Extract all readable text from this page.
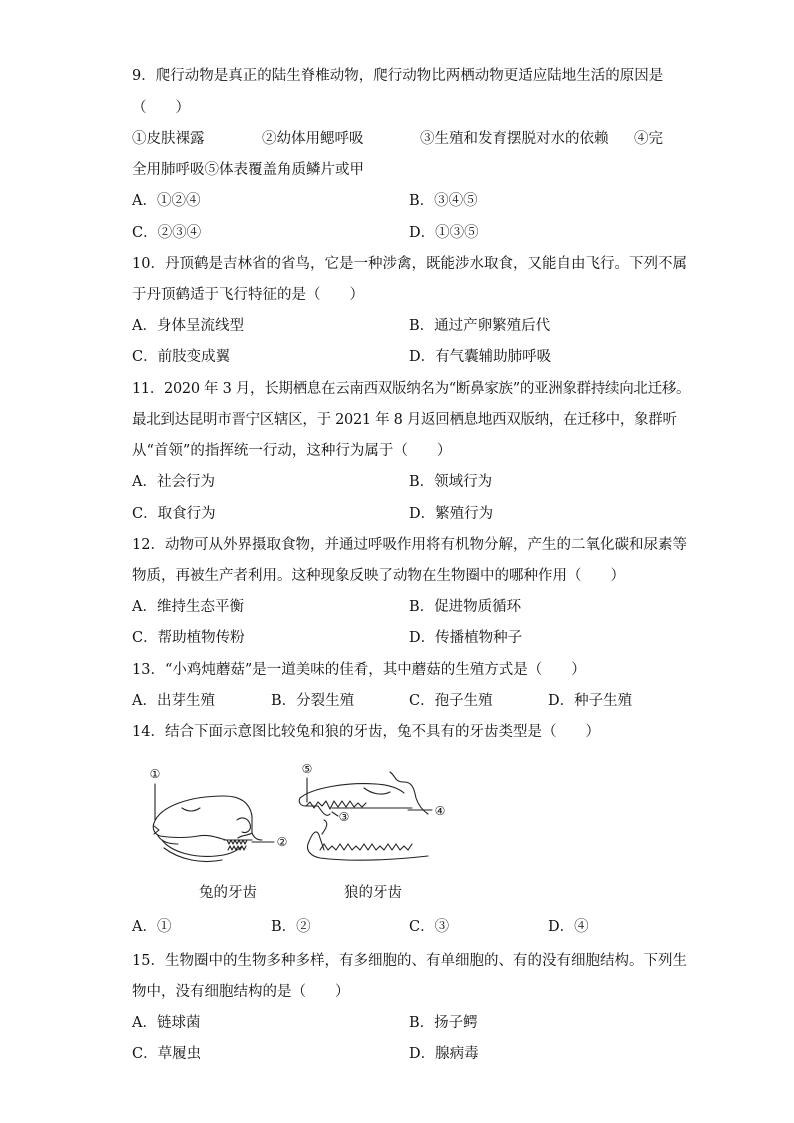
9．爬行动物是真正的陆生脊椎动物，爬行动物比两栖动物更适应陆地生活的原因是
（　　）
①皮肤裸露	②幼体用鳃呼吸	③生殖和发育摆脱对水的依赖 ④完
全用肺呼吸⑤体表覆盖角质鳞片或甲
A．①②④	B．③④⑤
C．②③④	D．①③⑤
10．丹顶鹤是吉林省的省鸟，它是一种涉禽，既能涉水取食，又能自由飞行。下列不属
于丹顶鹤适于飞行特征的是（　　）
A．身体呈流线型	B．通过产卵繁殖后代
C．前肢变成翼	D．有气囊辅助肺呼吸
11．2020 年 3 月，长期栖息在云南西双版纳名为“断鼻家族”的亚洲象群持续向北迁移。
最北到达昆明市晋宁区辖区，于 2021 年 8 月返回栖息地西双版纳，在迁移中，象群听
从“首领”的指挥统一行动，这种行为属于（　　）
A．社会行为	B．领域行为
C．取食行为	D．繁殖行为
12．动物可从外界摄取食物，并通过呼吸作用将有机物分解，产生的二氧化碳和尿素等
物质，再被生产者利用。这种现象反映了动物在生物圈中的哪种作用（　　）
A．维持生态平衡	B．促进物质循环
C．帮助植物传粉	D．传播植物种子
13．“小鸡炖蘑菇”是一道美味的佳肴，其中蘑菇的生殖方式是（　　）
A．出芽生殖	B．分裂生殖	C．孢子生殖	D．种子生殖
14．结合下面示意图比较兔和狼的牙齿，兔不具有的牙齿类型是（　　）
①
②
③	④
⑤
兔的牙齿	狼的牙齿
A．①	B．②	C．③	D．④
15．生物圈中的生物多种多样，有多细胞的、有单细胞的、有的没有细胞结构。下列生
物中，没有细胞结构的是（　　）
A．链球菌	B．扬子鳄
C．草履虫	D．腺病毒
